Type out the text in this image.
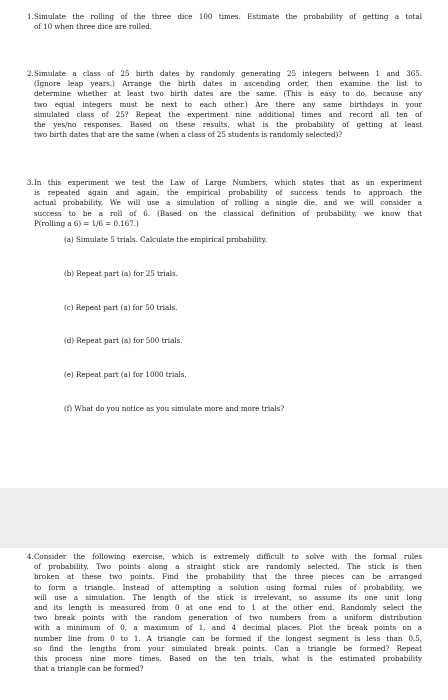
1. Simulate the rolling of the three dice 100 times. Estimate the probability of getting a total
of 10 when three dice are rolled.

2. Simulate a class of 25 birth dates by randomly generating 25 integers between 1 and 365.
(Ignore leap years.) Arrange the birth dates in ascending order, then examine the list to
determine whether at least two birth dates are the same. (This is easy to do, because any
two equal integers must be next to each other.) Are there any same birthdays in your
simulated class of 25? Repeat the experiment nine additional times and record all ten of
the yes/no responses. Based on these results, what is the probability of getting at least
two birth dates that are the same (when a class of 25 students is randomly selected)?

3. In this experiment we test the Law of Large Numbers, which states that as an experiment
is repeated again and again, the empirical probability of success tends to approach the
actual probability. We will use a simulation of rolling a single die, and we will consider a
success to be a roll of 6. (Based on the classical definition of probability, we know that
P(rolling a 6) = 1/6 = 0.167.)

(a) Simulate 5 trials. Calculate the empirical probability.
(b) Repeat part (a) for 25 trials.
(c) Repeat part (a) for 50 trials.
(d) Repeat part (a) for 500 trials.
(e) Repeat part (a) for 1000 trials.
(f) What do you notice as you simulate more and more trials?
4. Consider the following exercise, which is extremely difficult to solve with the formal rules
of probability. Two points along a straight stick are randomly selected. The stick is then
broken at these two points. Find the probability that the three pieces can be arranged
to form a triangle. Instead of attempting a solution using formal rules of probability, we
will use a simulation. The length of the stick is irrelevant, so assume its one unit long
and its length is measured from 0 at one end to 1 at the other end. Randomly select the
two break points with the random generation of two numbers from a uniform distribution
with a minimum of 0, a maximum of 1, and 4 decimal places. Plot the break points on a
number line from 0 to 1. A triangle can be formed if the longest segment is less than 0.5,
so find the lengths from your simulated break points. Can a triangle be formed? Repeat
this process nine more times. Based on the ten trials, what is the estimated probability
that a triangle can be formed?
